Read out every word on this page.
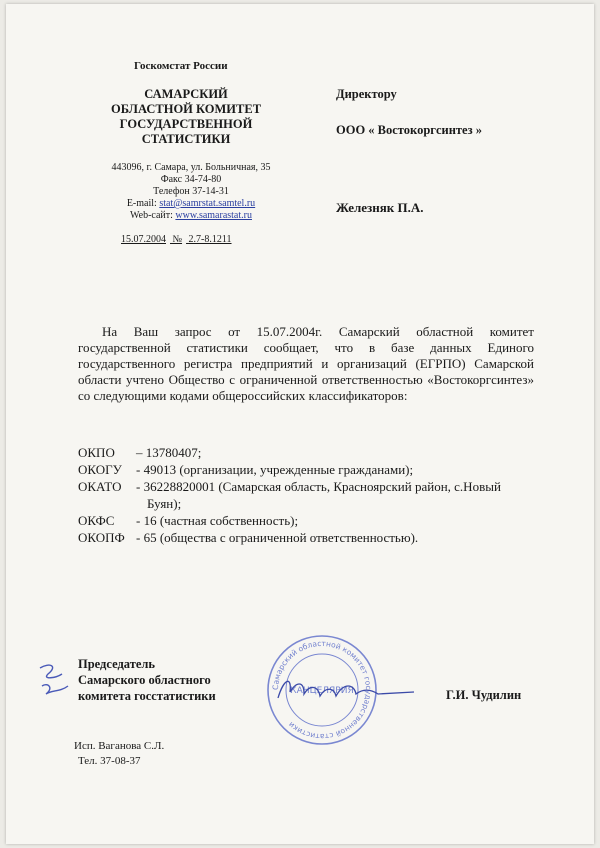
Госкомстат России
САМАРСКИЙ
ОБЛАСТНОЙ КОМИТЕТ
ГОСУДАРСТВЕННОЙ
СТАТИСТИКИ
443096, г. Самара, ул. Больничная, 35
Факс 34-74-80
Телефон 37-14-31
E-mail: stat@samrstat.samtel.ru
Web-сайт: www.samarastat.ru
15.07.2004 № 2.7-8.1211
Директору
ООО « Востокоргсинтез »
Железняк П.А.
На Ваш запрос от 15.07.2004г. Самарский областной комитет государственной статистики сообщает, что в базе данных Единого государственного регистра предприятий и организаций (ЕГРПО) Самарской области учтено Общество с ограниченной ответственностью «Востокоргсинтез» со следующими кодами общероссийских классификаторов:
ОКПО	– 13780407;
ОКОГУ	- 49013 (организации, учрежденные гражданами);
ОКАТО	- 36228820001 (Самарская область, Красноярский район, с.Новый
Буян);
ОКФС	- 16 (частная собственность);
ОКОПФ - 65 (общества с ограниченной ответственностью).
Самарский областной комитет государственной статистики
КАНЦЕЛЯРИЯ
Председатель
Самарского областного
комитета госстатистики	Г.И. Чудилин
Исп. Ваганова С.Л.
Тел. 37-08-37
